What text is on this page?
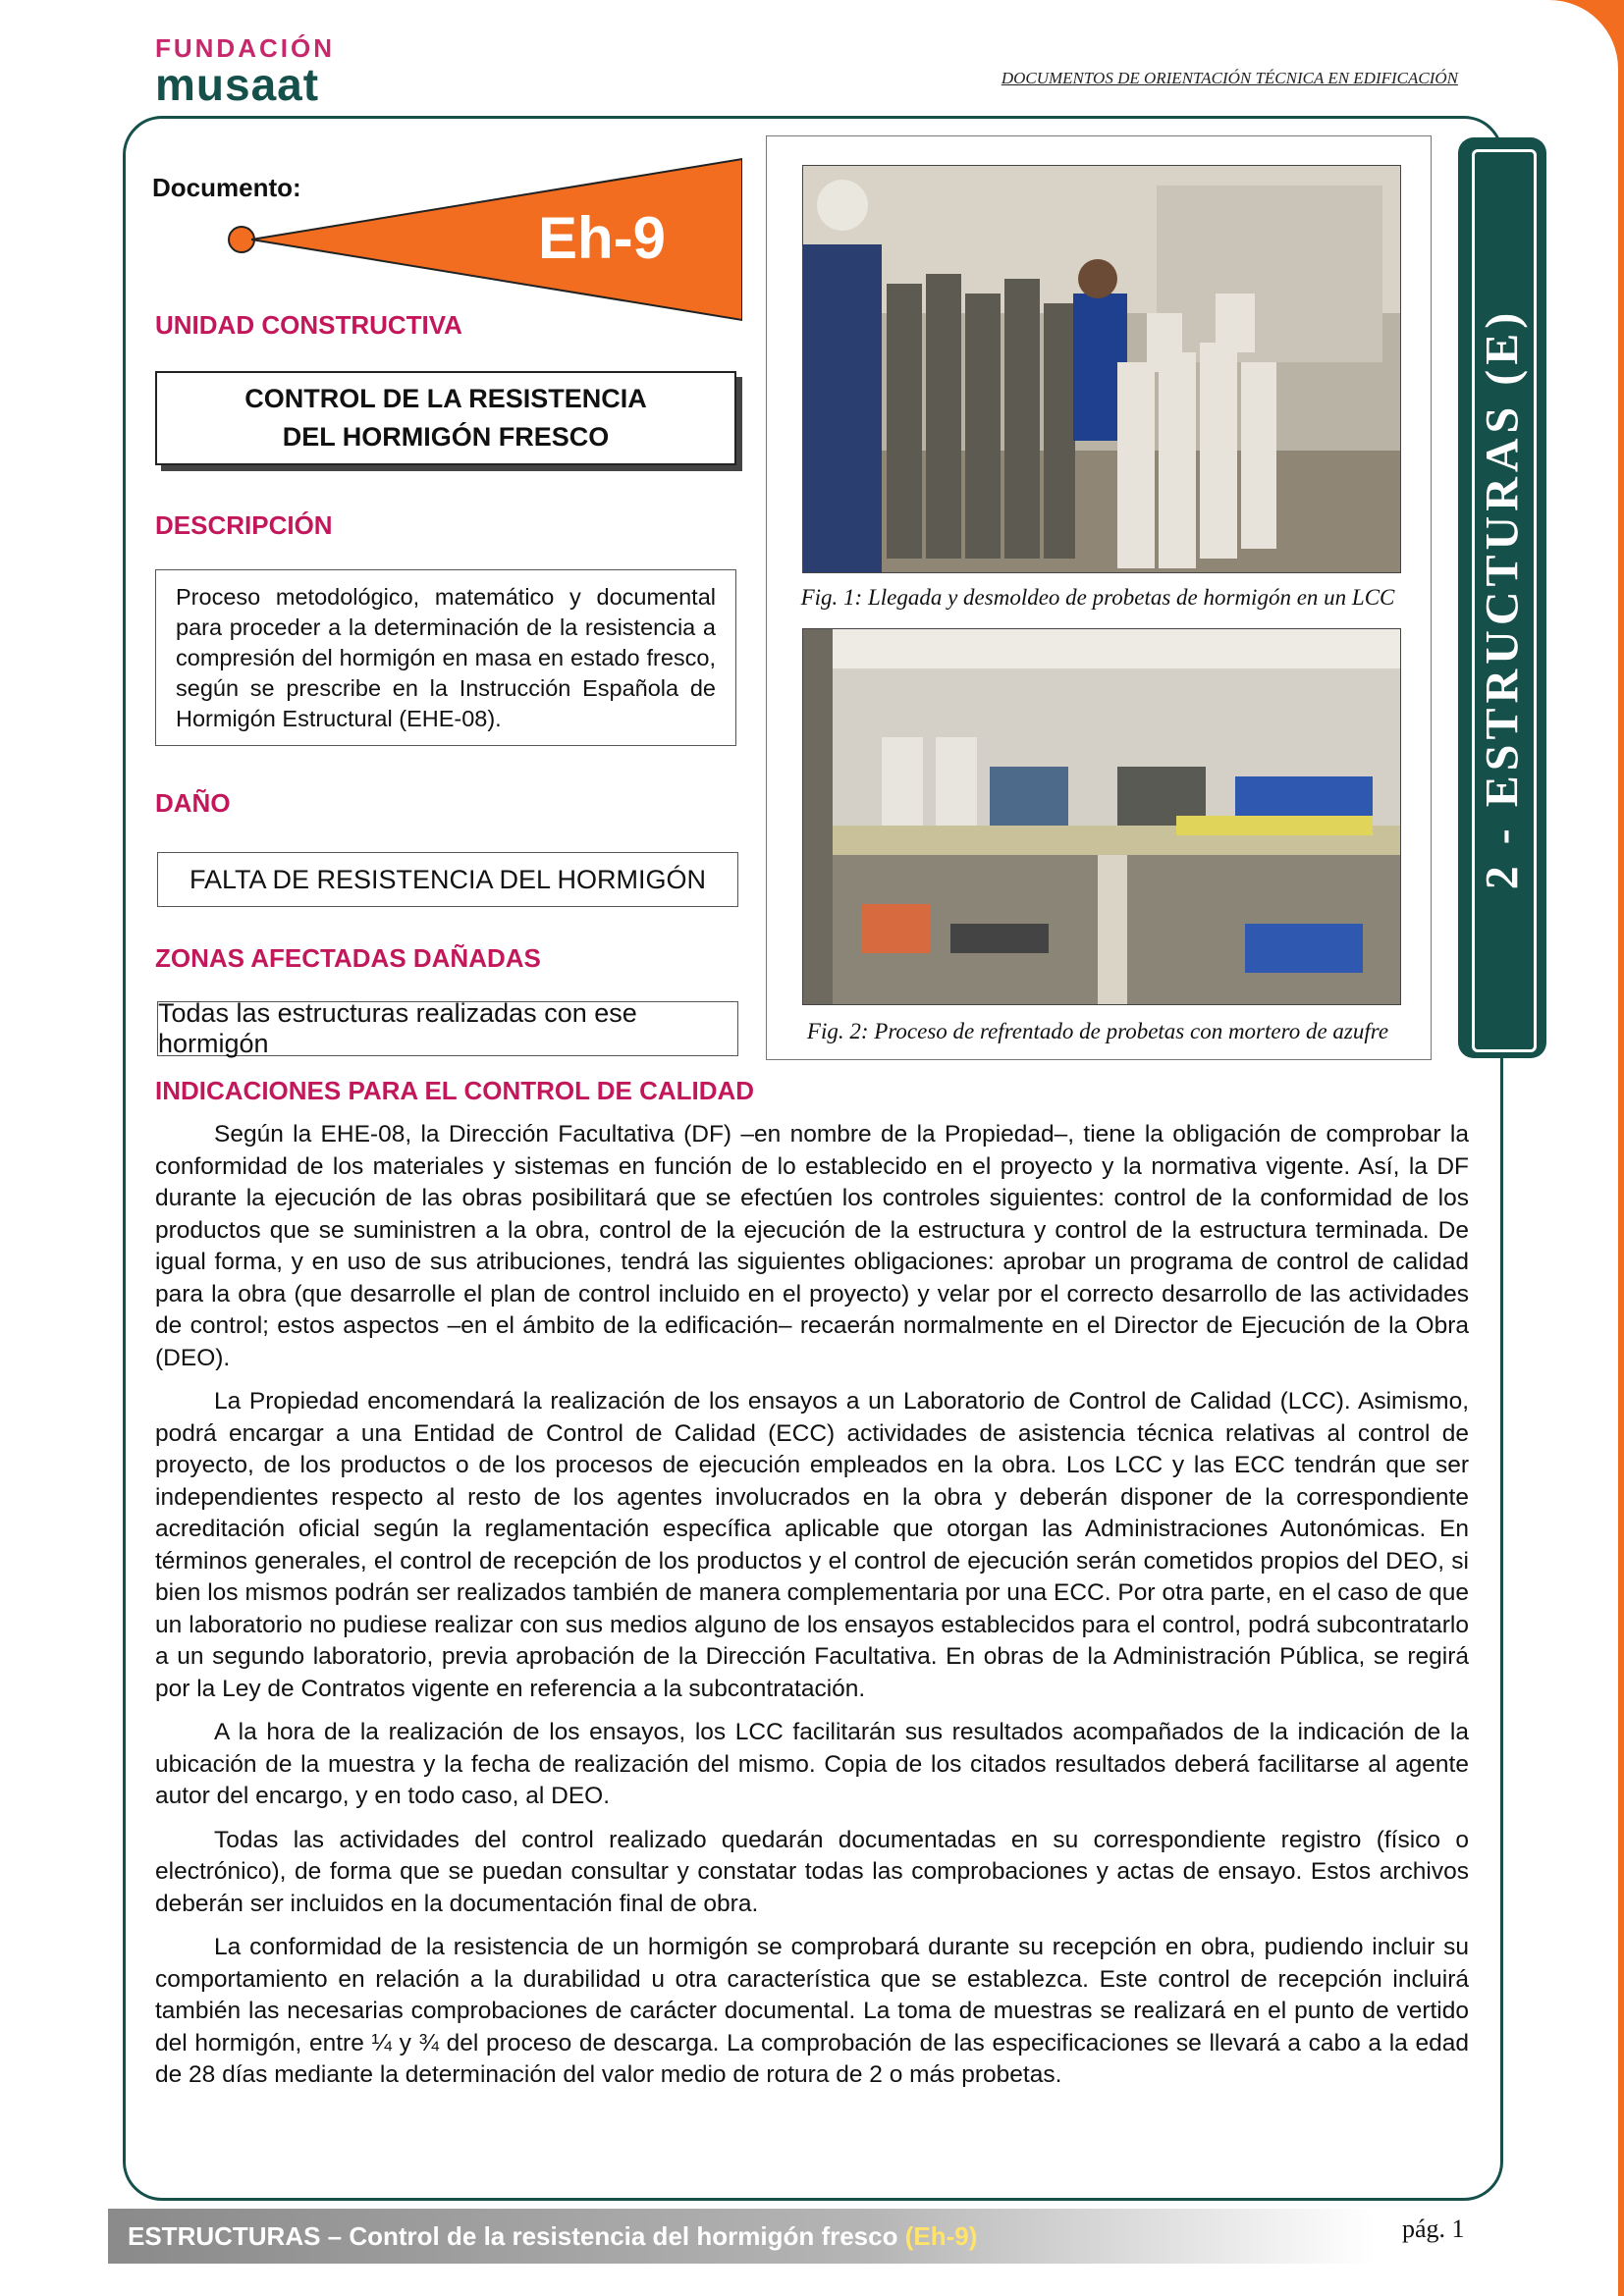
FUNDACIÓN
musaat	DOCUMENTOS DE ORIENTACIÓN TÉCNICA EN EDIFICACIÓN
2 - ESTRUCTURAS (E)
Documento:
Eh-9
UNIDAD CONSTRUCTIVA
CONTROL DE LA RESISTENCIA
DEL HORMIGÓN FRESCO
DESCRIPCIÓN
Proceso metodológico, matemático y documental para proceder a la determinación de la resistencia a compresión del hormigón en masa en estado fresco, según se prescribe en la Instrucción Española de Hormigón Estructural (EHE-08).
DAÑO
FALTA DE RESISTENCIA DEL HORMIGÓN
ZONAS AFECTADAS DAÑADAS
Todas las estructuras realizadas con ese hormigón
Fig. 1: Llegada y desmoldeo de probetas de hormigón en un LCC
Fig. 2: Proceso de refrentado de probetas con mortero de azufre
INDICACIONES PARA EL CONTROL DE CALIDAD

Según la EHE-08, la Dirección Facultativa (DF) –en nombre de la Propiedad–, tiene la obligación de comprobar la conformidad de los materiales y sistemas en función de lo establecido en el proyecto y la normativa vigente. Así, la DF durante la ejecución de las obras posibilitará que se efectúen los controles siguientes: control de la conformidad de los productos que se suministren a la obra, control de la ejecución de la estructura y control de la estructura terminada. De igual forma, y en uso de sus atribuciones, tendrá las siguientes obligaciones: aprobar un programa de control de calidad para la obra (que desarrolle el plan de control incluido en el proyecto) y velar por el correcto desarrollo de las actividades de control; estos aspectos –en el ámbito de la edificación– recaerán normalmente en el Director de Ejecución de la Obra (DEO).

La Propiedad encomendará la realización de los ensayos a un Laboratorio de Control de Calidad (LCC). Asimismo, podrá encargar a una Entidad de Control de Calidad (ECC) actividades de asistencia técnica relativas al control de proyecto, de los productos o de los procesos de ejecución empleados en la obra. Los LCC y las ECC tendrán que ser independientes respecto al resto de los agentes involucrados en la obra y deberán disponer de la correspondiente acreditación oficial según la reglamentación específica aplicable que otorgan las Administraciones Autonómicas. En términos generales, el control de recepción de los productos y el control de ejecución serán cometidos propios del DEO, si bien los mismos podrán ser realizados también de manera complementaria por una ECC. Por otra parte, en el caso de que un laboratorio no pudiese realizar con sus medios alguno de los ensayos establecidos para el control, podrá subcontratarlo a un segundo laboratorio, previa aprobación de la Dirección Facultativa. En obras de la Administración Pública, se regirá por la Ley de Contratos vigente en referencia a la subcontratación.

A la hora de la realización de los ensayos, los LCC facilitarán sus resultados acompañados de la indicación de la ubicación de la muestra y la fecha de realización del mismo. Copia de los citados resultados deberá facilitarse al agente autor del encargo, y en todo caso, al DEO.

Todas las actividades del control realizado quedarán documentadas en su correspondiente registro (físico o electrónico), de forma que se puedan consultar y constatar todas las comprobaciones y actas de ensayo. Estos archivos deberán ser incluidos en la documentación final de obra.

La conformidad de la resistencia de un hormigón se comprobará durante su recepción en obra, pudiendo incluir su comportamiento en relación a la durabilidad u otra característica que se establezca. Este control de recepción incluirá también las necesarias comprobaciones de carácter documental. La toma de muestras se realizará en el punto de vertido del hormigón, entre ¼ y ¾ del proceso de descarga. La comprobación de las especificaciones se llevará a cabo a la edad de 28 días mediante la determinación del valor medio de rotura de 2 o más probetas.

ESTRUCTURAS – Control de la resistencia del hormigón fresco (Eh-9)	pág. 1
